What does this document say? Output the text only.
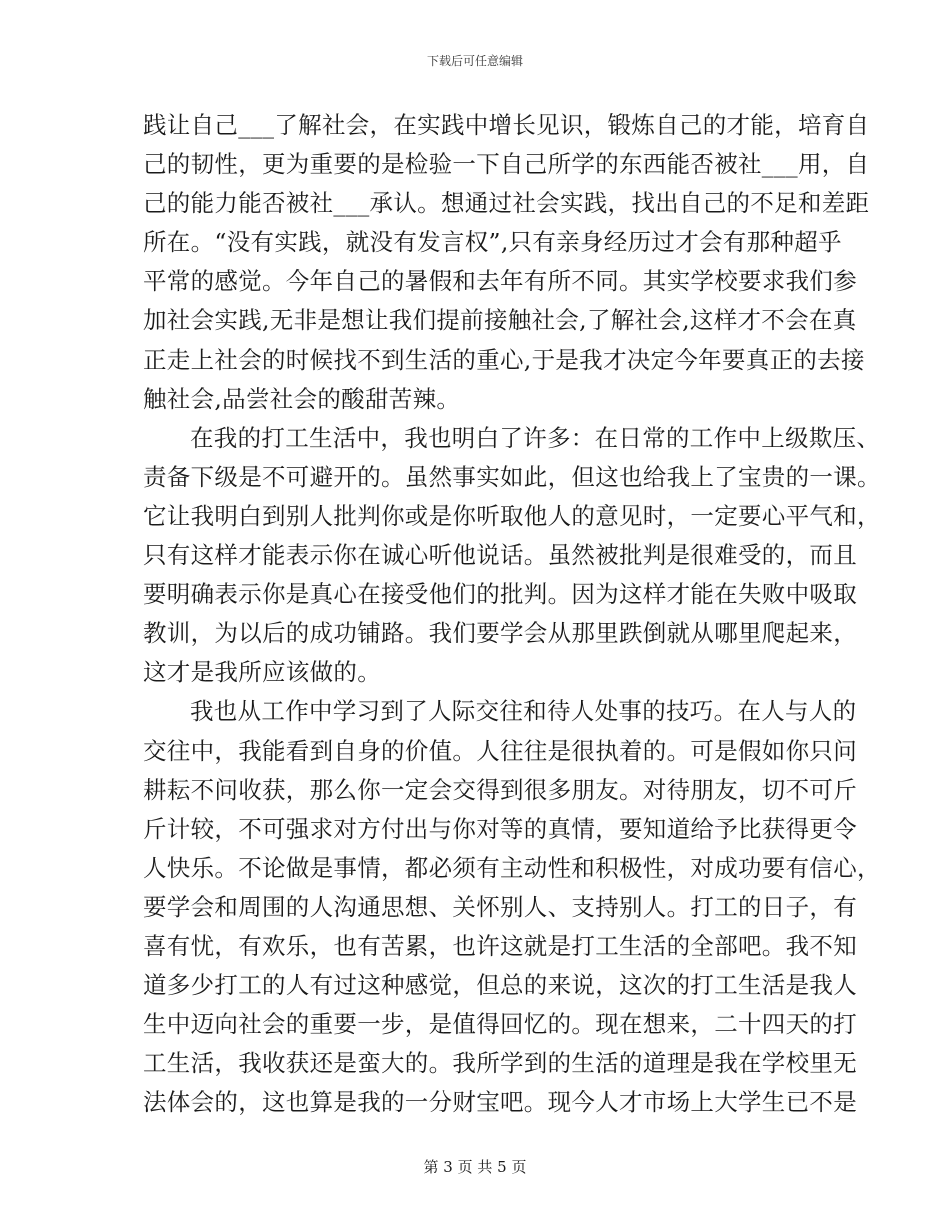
下载后可任意编辑

践让自己___了解社会，在实践中增长见识，锻炼自己的才能，培育自
己的韧性，更为重要的是检验一下自己所学的东西能否被社___用，自
己的能力能否被社___承认。想通过社会实践，找出自己的不足和差距
所在。“没有实践，就没有发言权”,只有亲身经历过才会有那种超乎
平常的感觉。今年自己的暑假和去年有所不同。其实学校要求我们参
加社会实践,无非是想让我们提前接触社会,了解社会,这样才不会在真
正走上社会的时候找不到生活的重心,于是我才决定今年要真正的去接
触社会,品尝社会的酸甜苦辣。

在我的打工生活中，我也明白了许多：在日常的工作中上级欺压、
责备下级是不可避开的。虽然事实如此，但这也给我上了宝贵的一课。
它让我明白到别人批判你或是你听取他人的意见时，一定要心平气和，
只有这样才能表示你在诚心听他说话。虽然被批判是很难受的，而且
要明确表示你是真心在接受他们的批判。因为这样才能在失败中吸取
教训，为以后的成功铺路。我们要学会从那里跌倒就从哪里爬起来，
这才是我所应该做的。

我也从工作中学习到了人际交往和待人处事的技巧。在人与人的
交往中，我能看到自身的价值。人往往是很执着的。可是假如你只问
耕耘不问收获，那么你一定会交得到很多朋友。对待朋友，切不可斤
斤计较，不可强求对方付出与你对等的真情，要知道给予比获得更令
人快乐。不论做是事情，都必须有主动性和积极性，对成功要有信心，
要学会和周围的人沟通思想、关怀别人、支持别人。打工的日子，有
喜有忧，有欢乐，也有苦累，也许这就是打工生活的全部吧。我不知
道多少打工的人有过这种感觉，但总的来说，这次的打工生活是我人
生中迈向社会的重要一步，是值得回忆的。现在想来，二十四天的打
工生活，我收获还是蛮大的。我所学到的生活的道理是我在学校里无
法体会的，这也算是我的一分财宝吧。现今人才市场上大学生已不是

第 3 页 共 5 页
